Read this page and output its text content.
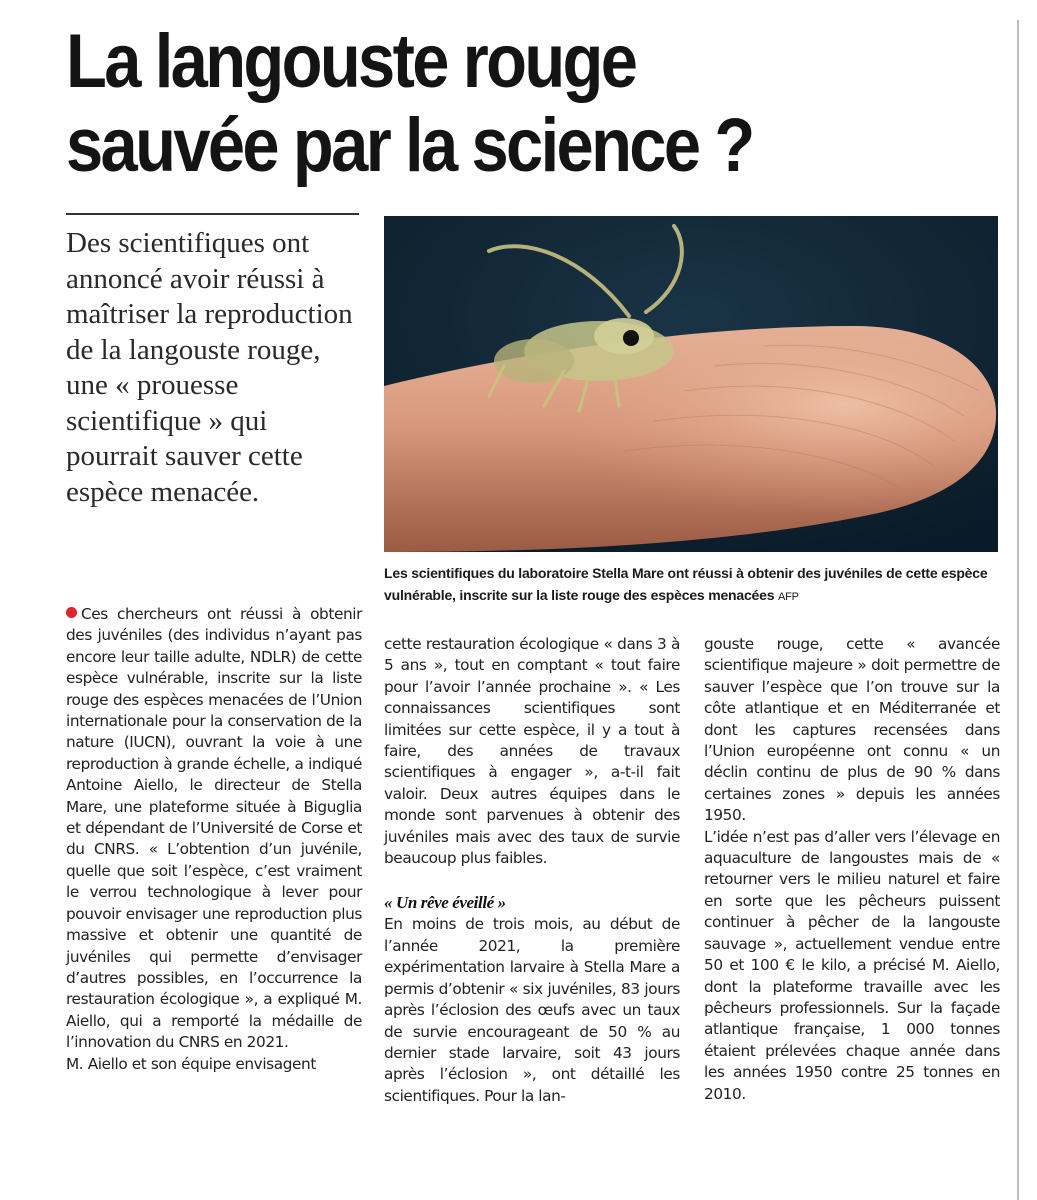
La langouste rouge
sauvée par la science ?

Des scientifiques ont annoncé avoir réussi à maîtriser la reproduction de la langouste rouge, une « prouesse scientifique » qui pourrait sauver cette espèce menacée.

Les scientifiques du laboratoire Stella Mare ont réussi à obtenir des juvéniles de cette espèce vulnérable, inscrite sur la liste rouge des espèces menacées AFP

Ces chercheurs ont réussi à obtenir des juvéniles (des individus n’ayant pas encore leur taille adulte, NDLR) de cette espèce vulnérable, inscrite sur la liste rouge des espèces menacées de l’Union internationale pour la conservation de la nature (IUCN), ouvrant la voie à une reproduction à grande échelle, a indiqué Antoine Aiello, le directeur de Stella Mare, une plateforme située à Biguglia et dépendant de l’Université de Corse et du CNRS. « L’obtention d’un juvénile, quelle que soit l’espèce, c’est vraiment le verrou technologique à lever pour pouvoir envisager une reproduction plus massive et obtenir une quantité de juvéniles qui permette d’envisager d’autres possibles, en l’occurrence la restauration écologique », a expliqué M. Aiello, qui a remporté la médaille de l’innovation du CNRS en 2021.

M. Aiello et son équipe envisagent

cette restauration écologique « dans 3 à 5 ans », tout en comptant « tout faire pour l’avoir l’année prochaine ». « Les connaissances scientifiques sont limitées sur cette espèce, il y a tout à faire, des années de travaux scientifiques à engager », a-t-il fait valoir. Deux autres équipes dans le monde sont parvenues à obtenir des juvéniles mais avec des taux de survie beaucoup plus faibles.

« Un rêve éveillé »

En moins de trois mois, au début de l’année 2021, la première expérimentation larvaire à Stella Mare a permis d’obtenir « six juvéniles, 83 jours après l’éclosion des œufs avec un taux de survie encourageant de 50 % au dernier stade larvaire, soit 43 jours après l’éclosion », ont détaillé les scientifiques. Pour la lan-

gouste rouge, cette « avancée scientifique majeure » doit permettre de sauver l’espèce que l’on trouve sur la côte atlantique et en Méditerranée et dont les captures recensées dans l’Union européenne ont connu « un déclin continu de plus de 90 % dans certaines zones » depuis les années 1950.

L’idée n’est pas d’aller vers l’élevage en aquaculture de langoustes mais de « retourner vers le milieu naturel et faire en sorte que les pêcheurs puissent continuer à pêcher de la langouste sauvage », actuellement vendue entre 50 et 100 € le kilo, a précisé M. Aiello, dont la plateforme travaille avec les pêcheurs professionnels. Sur la façade atlantique française, 1 000 tonnes étaient prélevées chaque année dans les années 1950 contre 25 tonnes en 2010.
